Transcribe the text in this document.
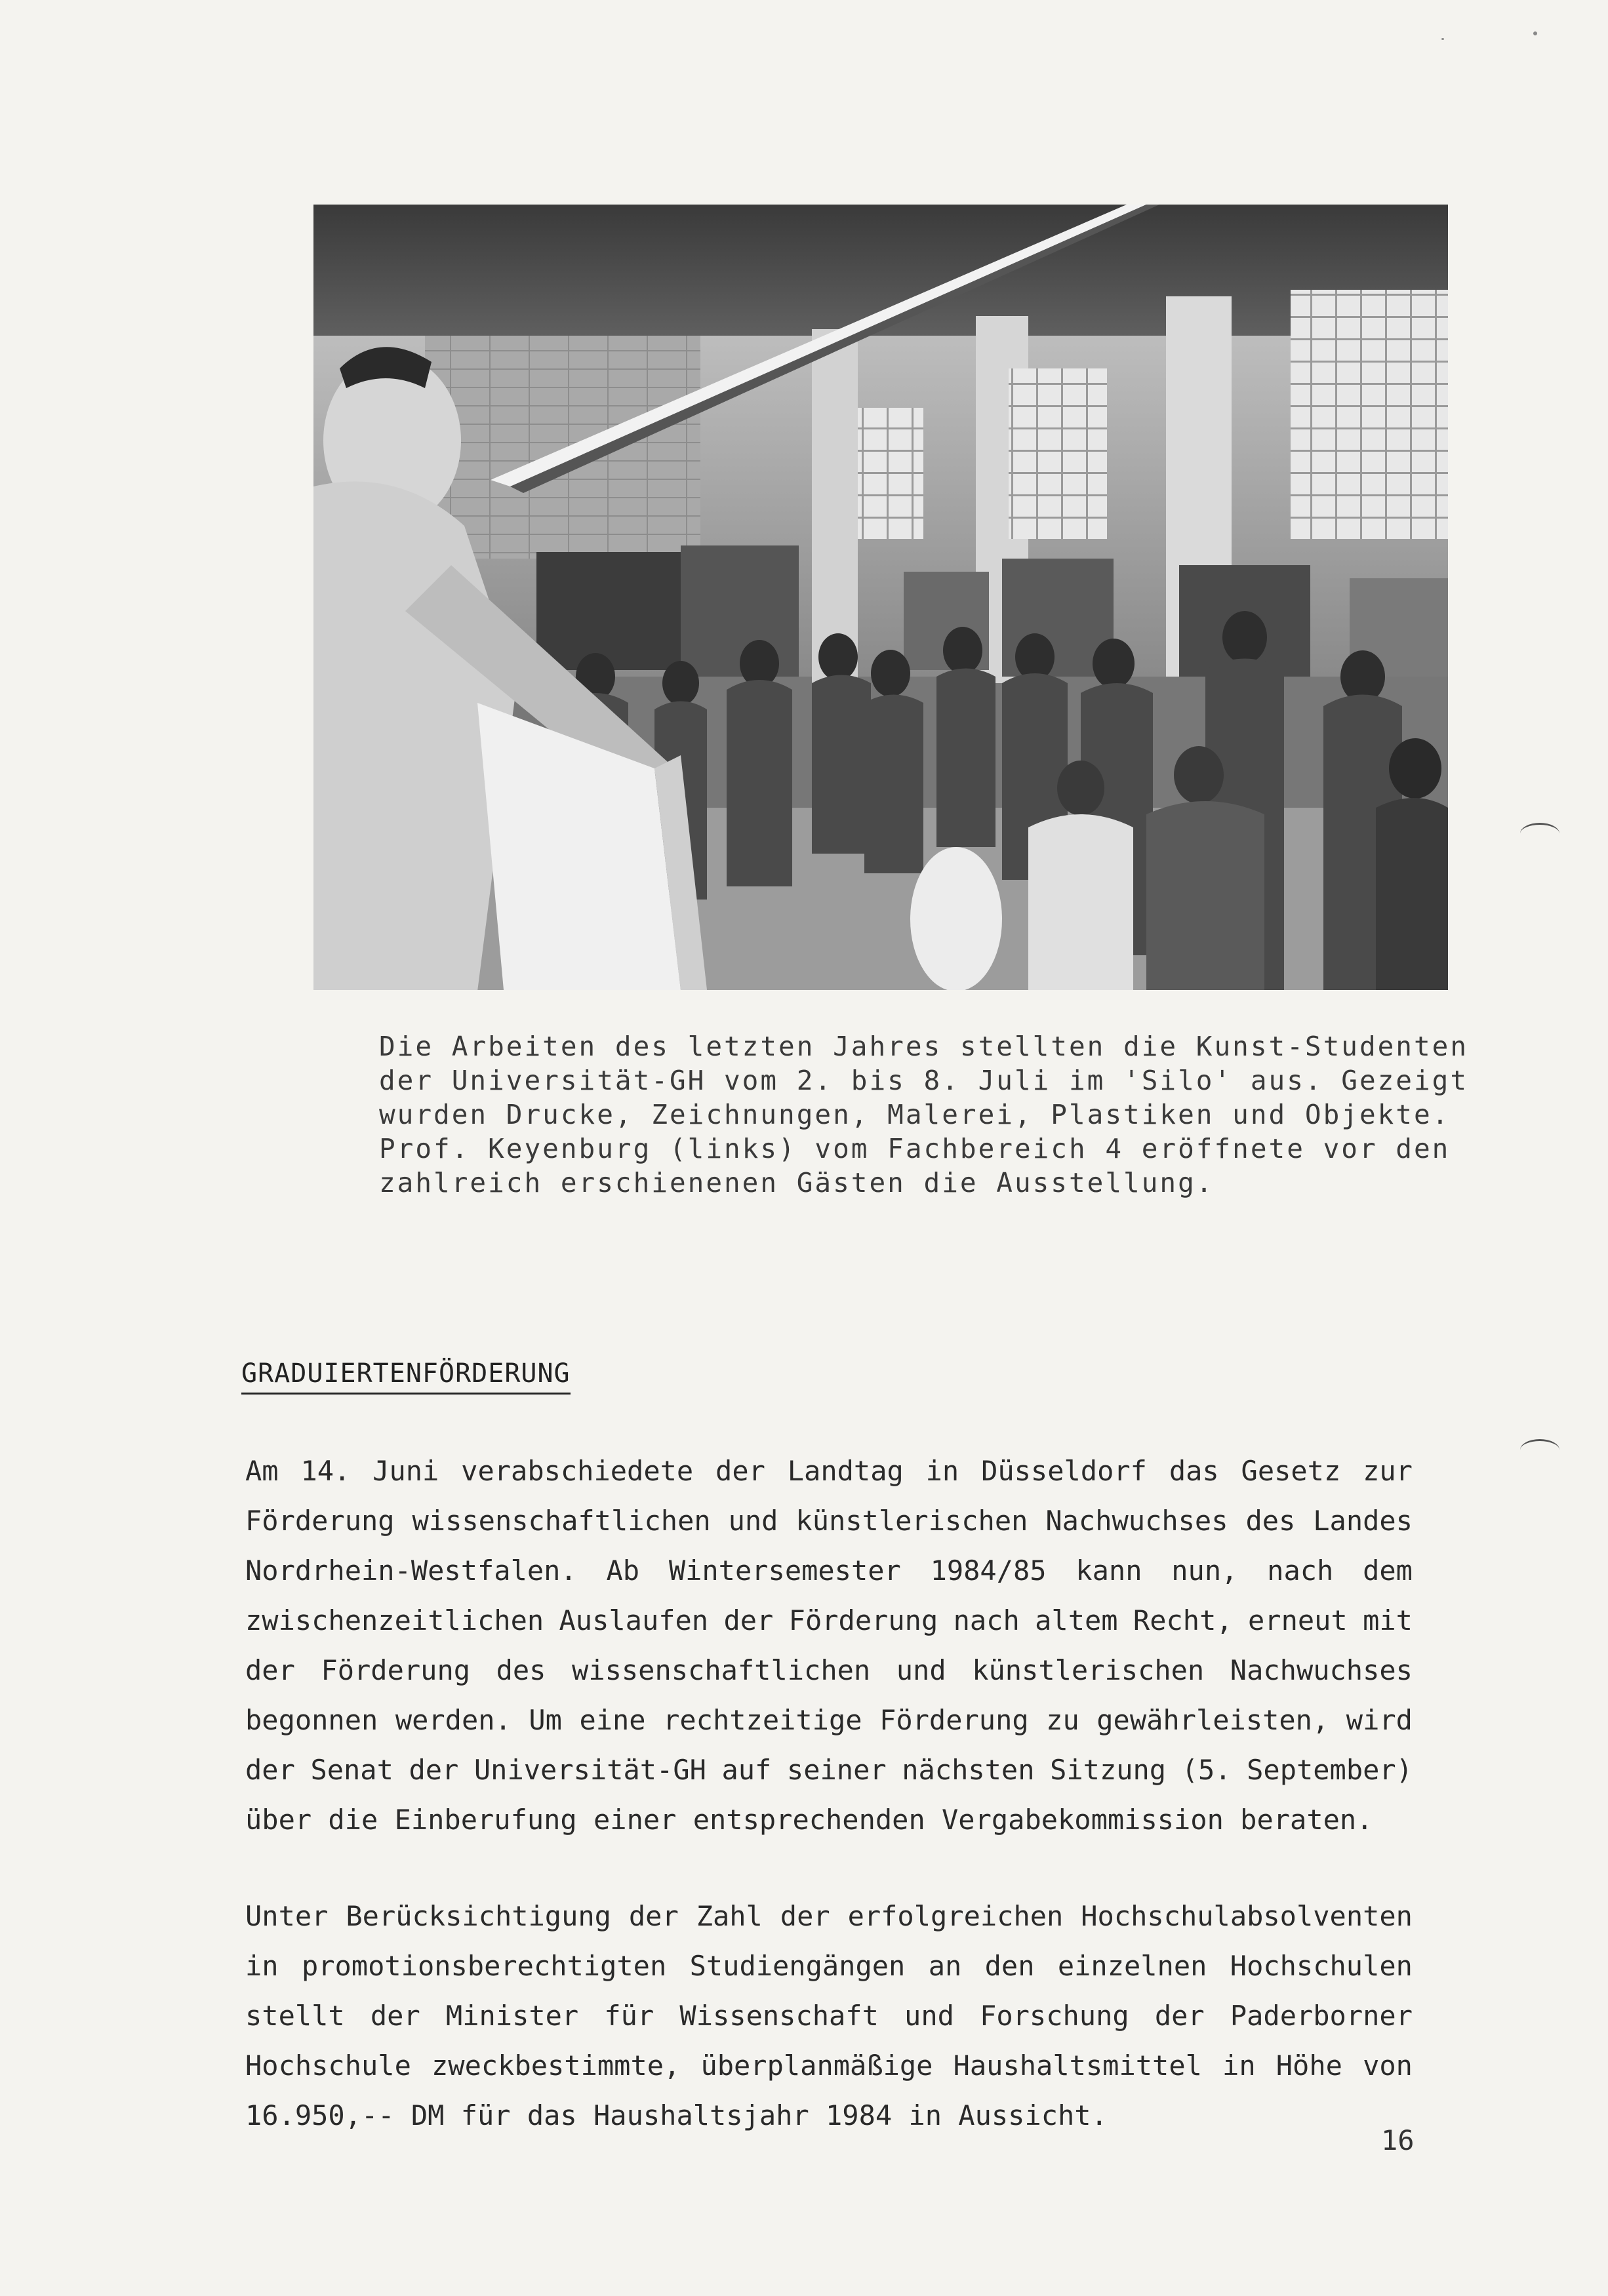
Die Arbeiten des letzten Jahres stellten die Kunst-Studenten

der Universität-GH vom 2. bis 8. Juli im 'Silo' aus. Gezeigt

wurden Drucke, Zeichnungen, Malerei, Plastiken und Objekte.

Prof. Keyenburg (links) vom Fachbereich 4 eröffnete vor den

zahlreich erschienenen Gästen die Ausstellung.

GRADUIERTENFÖRDERUNG
Am 14. Juni verabschiedete der Landtag in Düsseldorf das Gesetz zur
Förderung wissenschaftlichen und künstlerischen Nachwuchses des Landes
Nordrhein-Westfalen. Ab Wintersemester 1984/85 kann nun, nach dem
zwischenzeitlichen Auslaufen der Förderung nach altem Recht, erneut mit
der Förderung des wissenschaftlichen und künstlerischen Nachwuchses
begonnen werden. Um eine rechtzeitige Förderung zu gewährleisten, wird
der Senat der Universität-GH auf seiner nächsten Sitzung (5. September)
über die Einberufung einer entsprechenden Vergabekommission beraten.
Unter Berücksichtigung der Zahl der erfolgreichen Hochschulabsolventen
in promotionsberechtigten Studiengängen an den einzelnen Hochschulen
stellt der Minister für Wissenschaft und Forschung der Paderborner
Hochschule zweckbestimmte, überplanmäßige Haushaltsmittel in Höhe von
16.950,-- DM für das Haushaltsjahr 1984 in Aussicht.
16
